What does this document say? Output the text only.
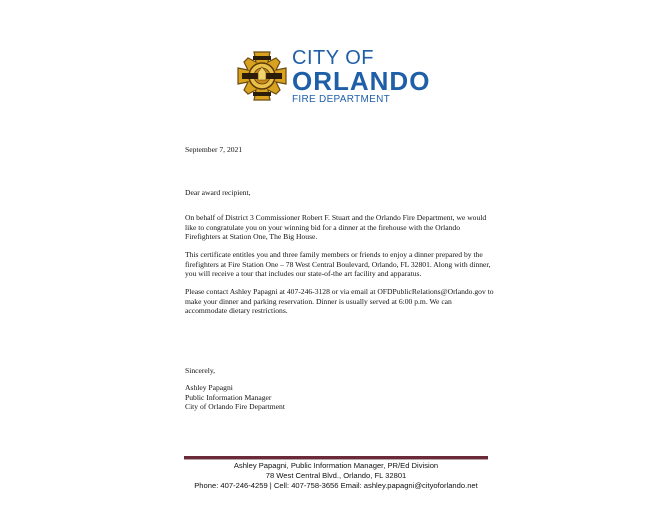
CITY OF
ORLANDO
FIRE DEPARTMENT

September 7, 2021

Dear award recipient,

On behalf of District 3 Commissioner Robert F. Stuart and the Orlando Fire Department, we would like to congratulate you on your winning bid for a dinner at the firehouse with the Orlando Firefighters at Station One, The Big House.

This certificate entitles you and three family members or friends to enjoy a dinner prepared by the firefighters at Fire Station One – 78 West Central Boulevard, Orlando, FL 32801. Along with dinner, you will receive a tour that includes our state-of-the art facility and apparatus.

Please contact Ashley Papagni at 407-246-3128 or via email at OFDPublicRelations@Orlando.gov to make your dinner and parking reservation. Dinner is usually served at 6:00 p.m. We can accommodate dietary restrictions.

Sincerely,

Ashley Papagni

Public Information Manager

City of Orlando Fire Department

Ashley Papagni, Public Information Manager, PR/Ed Division
78 West Central Blvd., Orlando, FL 32801
Phone: 407-246-4259 | Cell: 407-758-3656 Email: ashley.papagni@cityoforlando.net
